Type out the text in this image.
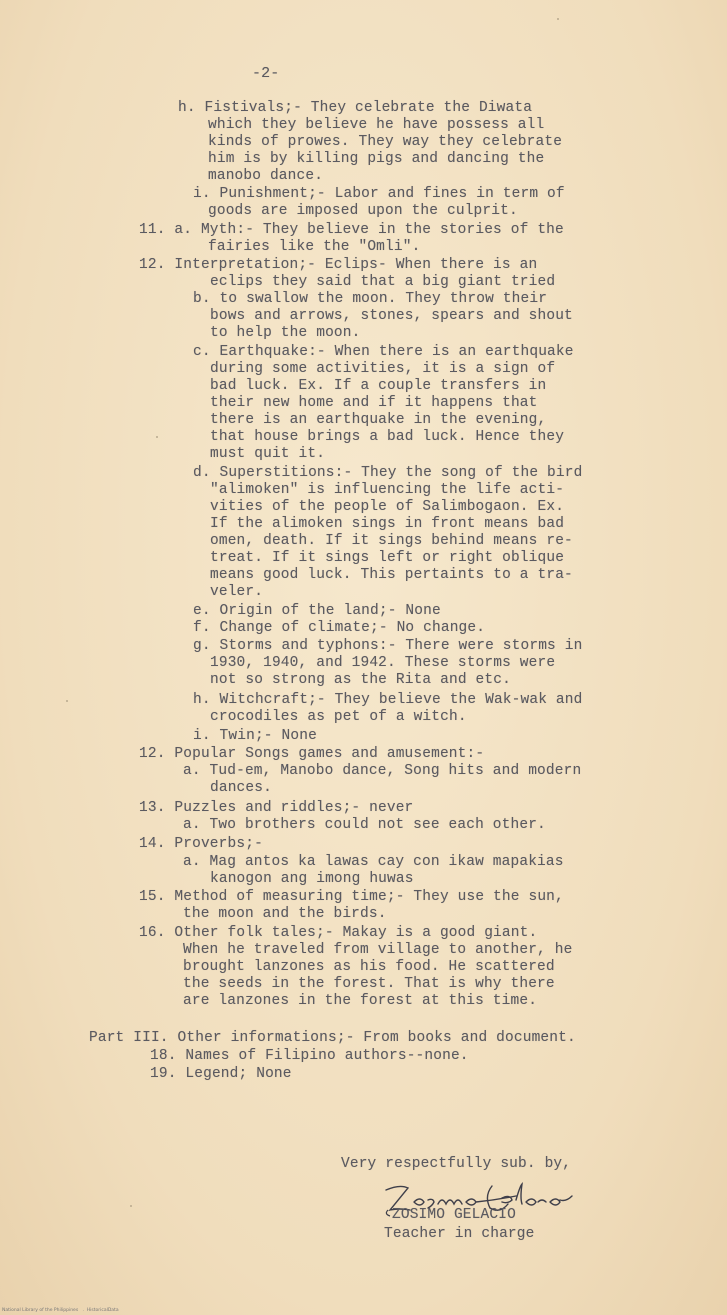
-2-
h. Fistivals;- They celebrate the Diwata
which they believe he have possess all
kinds of prowes. They way they celebrate
him is by killing pigs and dancing the
manobo dance.
i. Punishment;- Labor and fines in term of
goods are imposed upon the culprit.
11. a. Myth:- They believe in the stories of the
fairies like the "Omli".
12. Interpretation;- Eclips- When there is an
eclips they said that a big giant tried
b. to swallow the moon. They throw their
bows and arrows, stones, spears and shout
to help the moon.
c. Earthquake:- When there is an earthquake
during some activities, it is a sign of
bad luck. Ex. If a couple transfers in
their new home and if it happens that
there is an earthquake in the evening,
that house brings a bad luck. Hence they
must quit it.
d. Superstitions:- They the song of the bird
"alimoken" is influencing the life acti-
vities of the people of Salimbogaon. Ex.
If the alimoken sings in front means bad
omen, death. If it sings behind means re-
treat. If it sings left or right oblique
means good luck. This pertaints to a tra-
veler.
e. Origin of the land;- None
f. Change of climate;- No change.
g. Storms and typhons:- There were storms in
1930, 1940, and 1942. These storms were
not so strong as the Rita and etc.
h. Witchcraft;- They believe the Wak-wak and
crocodiles as pet of a witch.
i. Twin;- None
12. Popular Songs games and amusement:-
a. Tud-em, Manobo dance, Song hits and modern
dances.
13. Puzzles and riddles;- never
a. Two brothers could not see each other.
14. Proverbs;-
a. Mag antos ka lawas cay con ikaw mapakias
kanogon ang imong huwas
15. Method of measuring time;- They use the sun,
the moon and the birds.
16. Other folk tales;- Makay is a good giant.
When he traveled from village to another, he
brought lanzones as his food. He scattered
the seeds in the forest. That is why there
are lanzones in the forest at this time.
Part III. Other informations;- From books and document.
18. Names of Filipino authors--none.
19. Legend; None
Very respectfully sub. by,
ZOSIMO GELACIO
Teacher in charge
National Library of the Philippines   .  HistoricalData
